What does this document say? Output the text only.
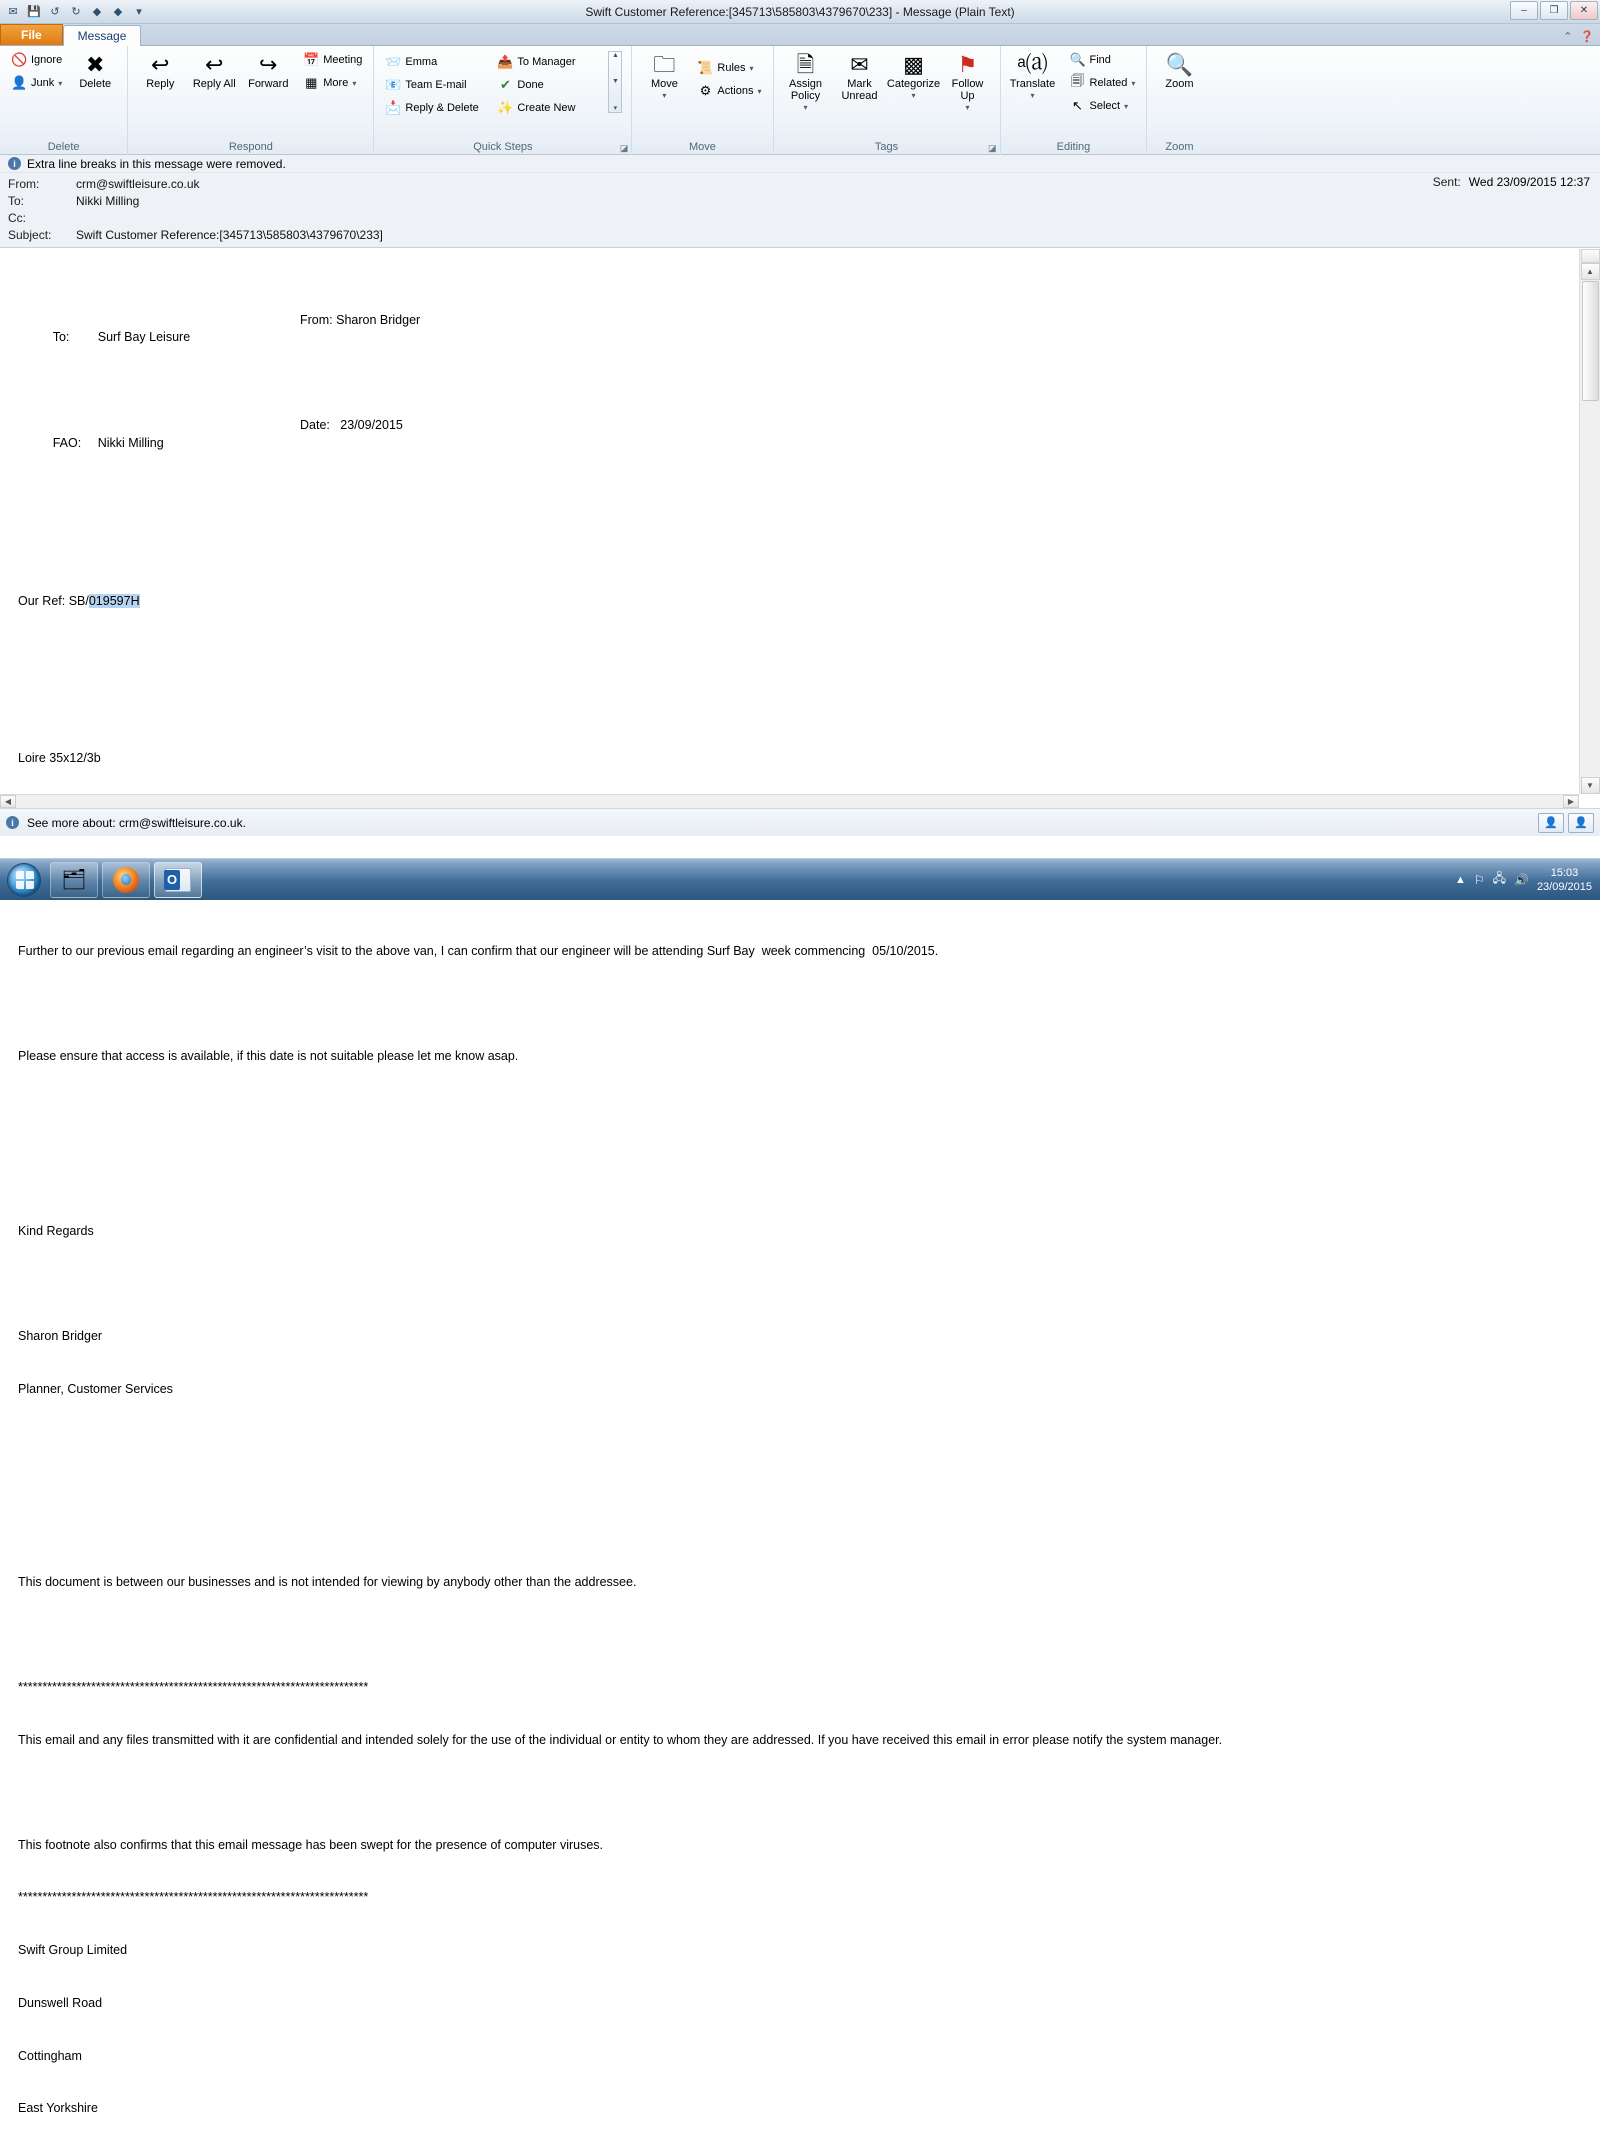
✉ 💾 ↺	↻	◆	◆	▾	Swift Customer Reference:[345713\585803\4379670\233] - Message (Plain Text)	–	❐	✕
File	Message	⌃ ❓
🚫 Ignore
👤 Junk ▾
✖
Delete
Delete
↩
Reply
↩
Reply All
↪
Forward
📅 Meeting
▦ More ▾
Respond
📨 Emma
📧 Team E-mail
📩 Reply & Delete
📤 To Manager
✔ Done
✨ Create New
▲
▼
▾
Quick Steps	◪
🗀
Move
▾
📜 Rules ▾
⚙ Actions ▾
Move
🗎
Assign Policy
▾
✉
Mark Unread
▩
Categorize
▾
⚑
Follow Up
▾
Tags	◪
ᵃ⒜
Translate
▾
🔍 Find
🗐 Related ▾
↖ Select ▾
Editing
🔍
Zoom
Zoom
i Extra line breaks in this message were removed.
From:	crm@swiftleisure.co.uk
To:	Nikki Milling
Cc:
Subject:	Swift Customer Reference:[345713\585803\4379670\233]
Sent: Wed 23/09/2015 12:37

To: Surf Bay Leisure

From: Sharon Bridger

FAO: Nikki Milling

Date:   23/09/2015

Our Ref: SB/019597H

Loire 35x12/3b

Further to our previous email regarding an engineer’s visit to the above van, I can confirm that our engineer will be attending Surf Bay  week commencing  05/10/2015.

Please ensure that access is available, if this date is not suitable please let me know asap.

Kind Regards

Sharon Bridger

Planner, Customer Services

This document is between our businesses and is not intended for viewing by anybody other than the addressee.

************************************************************************

This email and any files transmitted with it are confidential and intended solely for the use of the individual or entity to whom they are addressed. If you have received this email in error please notify the system manager.

This footnote also confirms that this email message has been swept for the presence of computer viruses.

************************************************************************

Swift Group Limited

Dunswell Road

Cottingham

East Yorkshire

▲
▼
◀	▶
i	See more about: crm@swiftleisure.co.uk.	👤	👤
🗂 O	▲ ⚐ 🖧 🔊	15:03
23/09/2015
